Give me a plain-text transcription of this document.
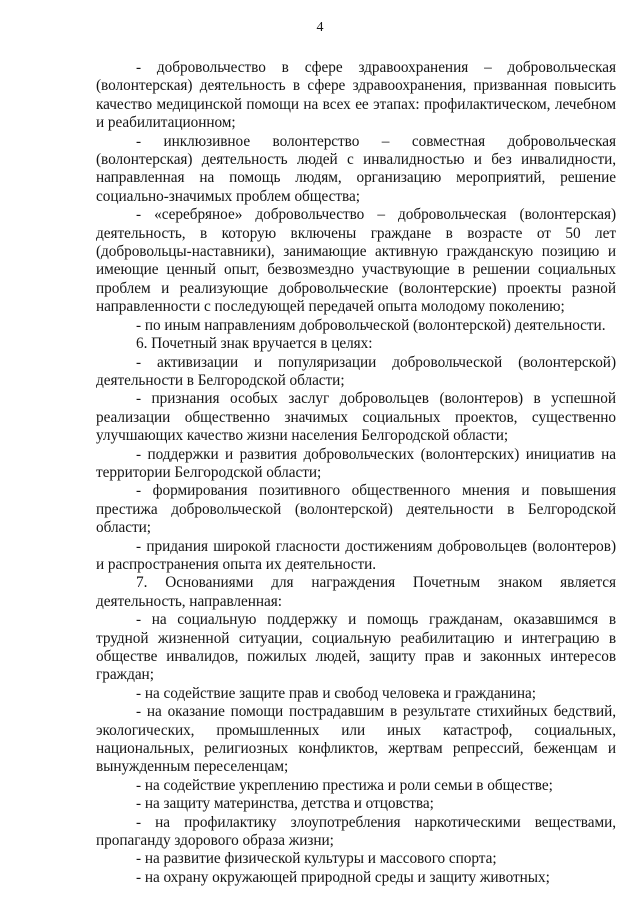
4

- добровольчество в сфере здравоохранения – добровольческая (волонтерская) деятельность в сфере здравоохранения, призванная повысить качество медицинской помощи на всех ее этапах: профилактическом, лечебном и реабилитационном;

- инклюзивное волонтерство – совместная добровольческая (волонтерская) деятельность людей с инвалидностью и без инвалидности, направленная на помощь людям, организацию мероприятий, решение социально-значимых проблем общества;

- «серебряное» добровольчество – добровольческая (волонтерская) деятельность, в которую включены граждане в возрасте от 50 лет (добровольцы-наставники), занимающие активную гражданскую позицию и имеющие ценный опыт, безвозмездно участвующие в решении социальных проблем и реализующие добровольческие (волонтерские) проекты разной направленности с последующей передачей опыта молодому поколению;

- по иным направлениям добровольческой (волонтерской) деятельности.

6. Почетный знак вручается в целях:

- активизации и популяризации добровольческой (волонтерской) деятельности в Белгородской области;

- признания особых заслуг добровольцев (волонтеров) в успешной реализации общественно значимых социальных проектов, существенно улучшающих качество жизни населения Белгородской области;

- поддержки и развития добровольческих (волонтерских) инициатив на территории Белгородской области;

- формирования позитивного общественного мнения и повышения престижа добровольческой (волонтерской) деятельности в Белгородской области;

- придания широкой гласности достижениям добровольцев (волонтеров) и распространения опыта их деятельности.

7. Основаниями для награждения Почетным знаком является деятельность, направленная:

- на социальную поддержку и помощь гражданам, оказавшимся в трудной жизненной ситуации, социальную реабилитацию и интеграцию в обществе инвалидов, пожилых людей, защиту прав и законных интересов граждан;

- на содействие защите прав и свобод человека и гражданина;

- на оказание помощи пострадавшим в результате стихийных бедствий, экологических, промышленных или иных катастроф, социальных, национальных, религиозных конфликтов, жертвам репрессий, беженцам и вынужденным переселенцам;

- на содействие укреплению престижа и роли семьи в обществе;

- на защиту материнства, детства и отцовства;

- на профилактику злоупотребления наркотическими веществами, пропаганду здорового образа жизни;

- на развитие физической культуры и массового спорта;

- на охрану окружающей природной среды и защиту животных;
